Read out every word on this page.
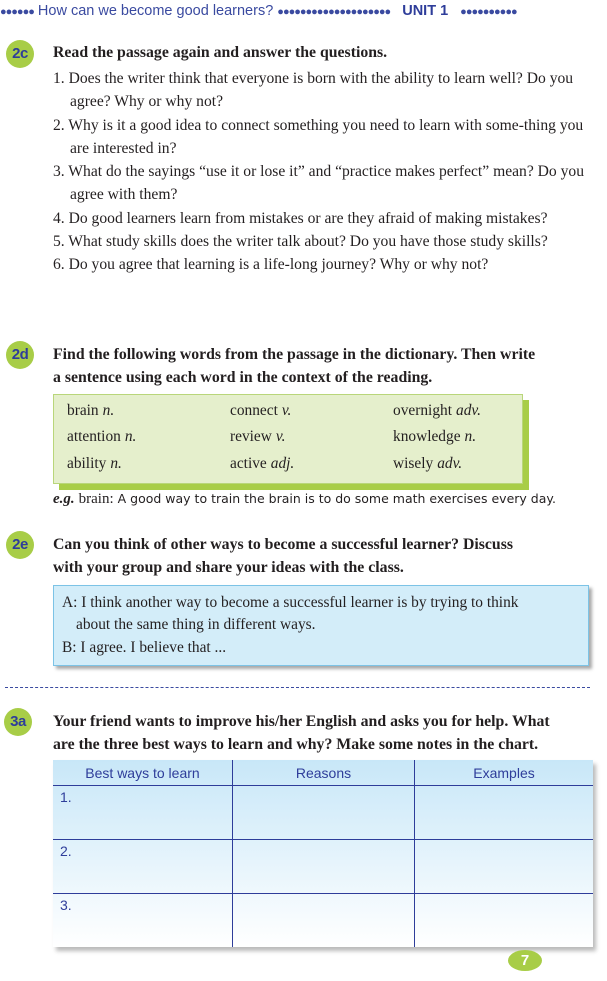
●●●●●● How can we become good learners? ●●●●●●●●●●●●●●●●●●●● UNIT 1 ●●●●●●●●●●
2c	Read the passage again and answer the questions.
1. Does the writer think that everyone is born with the ability to learn well? Do you agree? Why or why not?
2. Why is it a good idea to connect something you need to learn with some-thing you are interested in?
3. What do the sayings “use it or lose it” and “practice makes perfect” mean? Do you agree with them?
4. Do good learners learn from mistakes or are they afraid of making mistakes?
5. What study skills does the writer talk about? Do you have those study skills?
6. Do you agree that learning is a life-long journey? Why or why not?
2d	Find the following words from the passage in the dictionary. Then write
a sentence using each word in the context of the reading.
brain n.	connect v.	overnight adv.
attention n.	review v.	knowledge n.
ability n.	active adj.	wisely adv.
e.g. brain: A good way to train the brain is to do some math exercises every day.
2e	Can you think of other ways to become a successful learner? Discuss
with your group and share your ideas with the class.
A: I think another way to become a successful learner is by trying to think
about the same thing in different ways.
B: I agree. I believe that ...
3a	Your friend wants to improve his/her English and asks you for help. What
are the three best ways to learn and why? Make some notes in the chart.
Best ways to learn	Reasons	Examples
1.		
2.		
3.		
7
